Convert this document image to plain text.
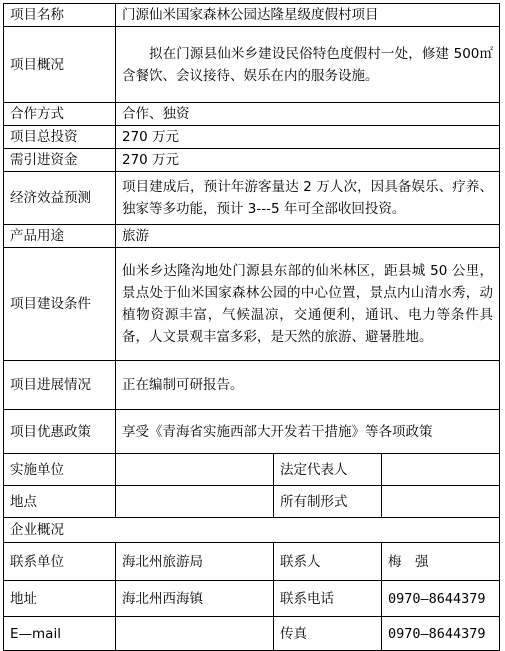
项目名称	门源仙米国家森林公园达隆星级度假村项目		
项目概况	拟在门源县仙米乡建设民俗特色度假村一处，修建 500㎡含餐饮、会议接待、娱乐在内的服务设施。		

合作方式	合作、独资		
项目总投资	270 万元		
需引进资金	270 万元		
经济效益预测	项目建成后，预计年游客量达 2 万人次，因具备娱乐、疗养、独家等多功能，预计 3---5 年可全部收回投资。		
产品用途	旅游		
项目建设条件	仙米乡达隆沟地处门源县东部的仙米林区，距县城 50 公里，景点处于仙米国家森林公园的中心位置，景点内山清水秀，动植物资源丰富，气候温凉，交通便利，通讯、电力等条件具备，人文景观丰富多彩，是天然的旅游、避暑胜地。		
项目进展情况	正在编制可研报告。		
项目优惠政策	享受《青海省实施西部大开发若干措施》等各项政策		
实施单位		法定代表人	
地点		所有制形式	
企业概况			
联系单位	海北州旅游局	联系人	梅　强
地址	海北州西海镇	联系电话	0970—8644379
E—mail		传真	0970—8644379
